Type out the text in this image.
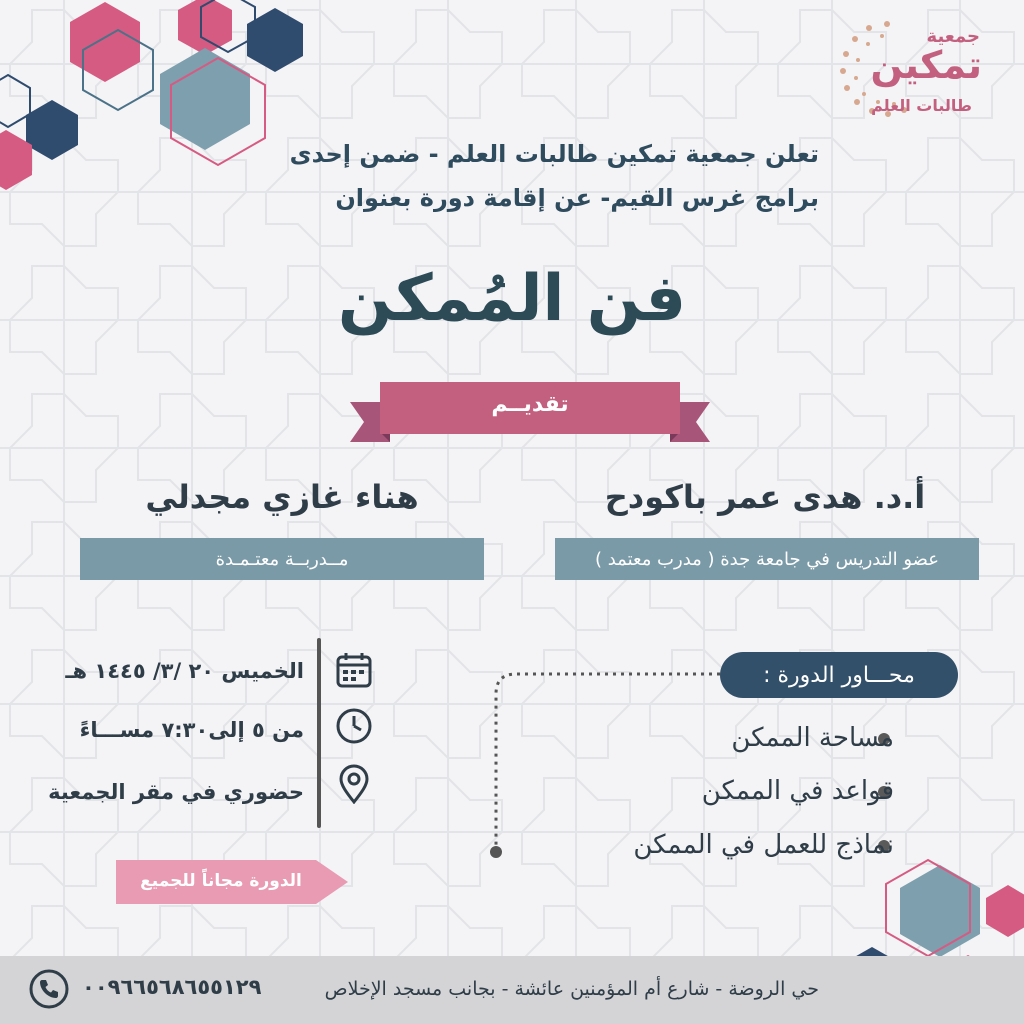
جمعية
تمكين
طالبات العلم
تعلن جمعية تمكين طالبات العلم - ضمن إحدى
برامج غرس القيم- عن إقامة دورة بعنوان
فن المُمكن
تقديــم
أ.د. هدى عمر باكودح
عضو التدريس في جامعة جدة ( مدرب معتمد )
هناء غازي مجدلي
مــدربــة معتـمـدة
الخميس ٢٠ /٣/ ١٤٤٥ هـ
من ٥ إلى٧:٣٠ مســـاءً
حضوري في مقر الجمعية
الدورة مجاناً للجميع
محـــاور الدورة :
مساحة الممكن
قواعد في الممكن
نماذج للعمل في الممكن
٠٠٩٦٦٥٦٨٦٥٥١٢٩	حي الروضة - شارع أم المؤمنين عائشة - بجانب مسجد الإخلاص
